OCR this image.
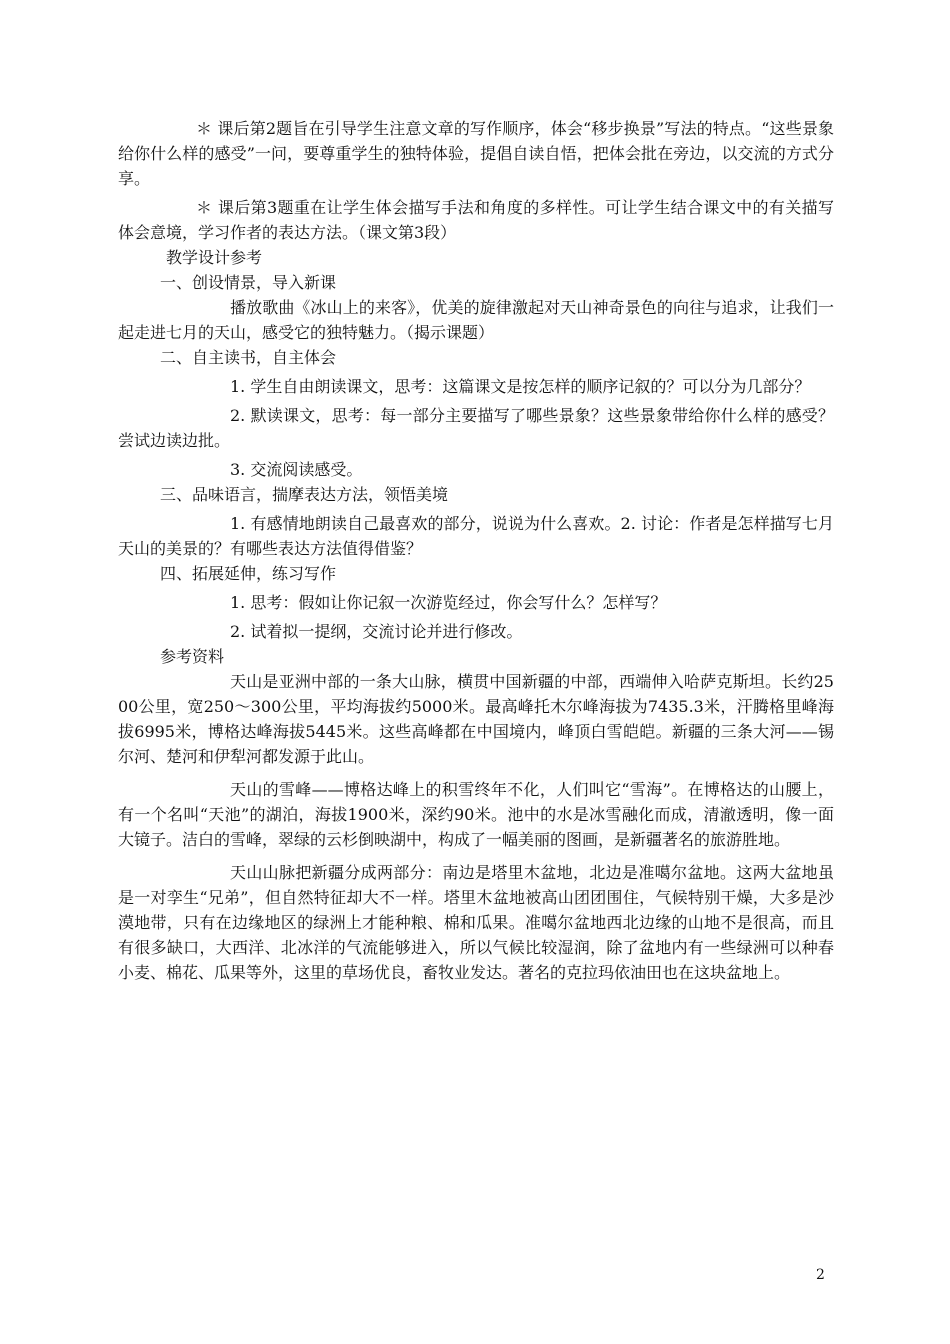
＊ 课后第2题旨在引导学生注意文章的写作顺序，体会“移步换景”写法的特点。“这些景象给你什么样的感受”一问，要尊重学生的独特体验，提倡自读自悟，把体会批在旁边，以交流的方式分享。

＊ 课后第3题重在让学生体会描写手法和角度的多样性。可让学生结合课文中的有关描写体会意境，学习作者的表达方法。（课文第3段）

教学设计参考

一、创设情景，导入新课

播放歌曲《冰山上的来客》，优美的旋律激起对天山神奇景色的向往与追求，让我们一起走进七月的天山，感受它的独特魅力。（揭示课题）

二、自主读书，自主体会

1. 学生自由朗读课文，思考：这篇课文是按怎样的顺序记叙的？可以分为几部分？

2. 默读课文，思考：每一部分主要描写了哪些景象？这些景象带给你什么样的感受？尝试边读边批。

3. 交流阅读感受。

三、品味语言，揣摩表达方法，领悟美境

1. 有感情地朗读自己最喜欢的部分，说说为什么喜欢。2. 讨论：作者是怎样描写七月天山的美景的？有哪些表达方法值得借鉴？

四、拓展延伸，练习写作

1. 思考：假如让你记叙一次游览经过，你会写什么？怎样写？

2. 试着拟一提纲，交流讨论并进行修改。

参考资料

天山是亚洲中部的一条大山脉，横贯中国新疆的中部，西端伸入哈萨克斯坦。长约2500公里，宽250～300公里，平均海拔约5000米。最高峰托木尔峰海拔为7435.3米，汗腾格里峰海拔6995米，博格达峰海拔5445米。这些高峰都在中国境内，峰顶白雪皑皑。新疆的三条大河——锡尔河、楚河和伊犁河都发源于此山。

天山的雪峰——博格达峰上的积雪终年不化，人们叫它“雪海”。在博格达的山腰上，有一个名叫“天池”的湖泊，海拔1900米，深约90米。池中的水是冰雪融化而成，清澈透明，像一面大镜子。洁白的雪峰，翠绿的云杉倒映湖中，构成了一幅美丽的图画，是新疆著名的旅游胜地。

天山山脉把新疆分成两部分：南边是塔里木盆地，北边是准噶尔盆地。这两大盆地虽是一对孪生“兄弟”，但自然特征却大不一样。塔里木盆地被高山团团围住，气候特别干燥，大多是沙漠地带，只有在边缘地区的绿洲上才能种粮、棉和瓜果。准噶尔盆地西北边缘的山地不是很高，而且有很多缺口，大西洋、北冰洋的气流能够进入，所以气候比较湿润，除了盆地内有一些绿洲可以种春小麦、棉花、瓜果等外，这里的草场优良，畜牧业发达。著名的克拉玛依油田也在这块盆地上。

2
